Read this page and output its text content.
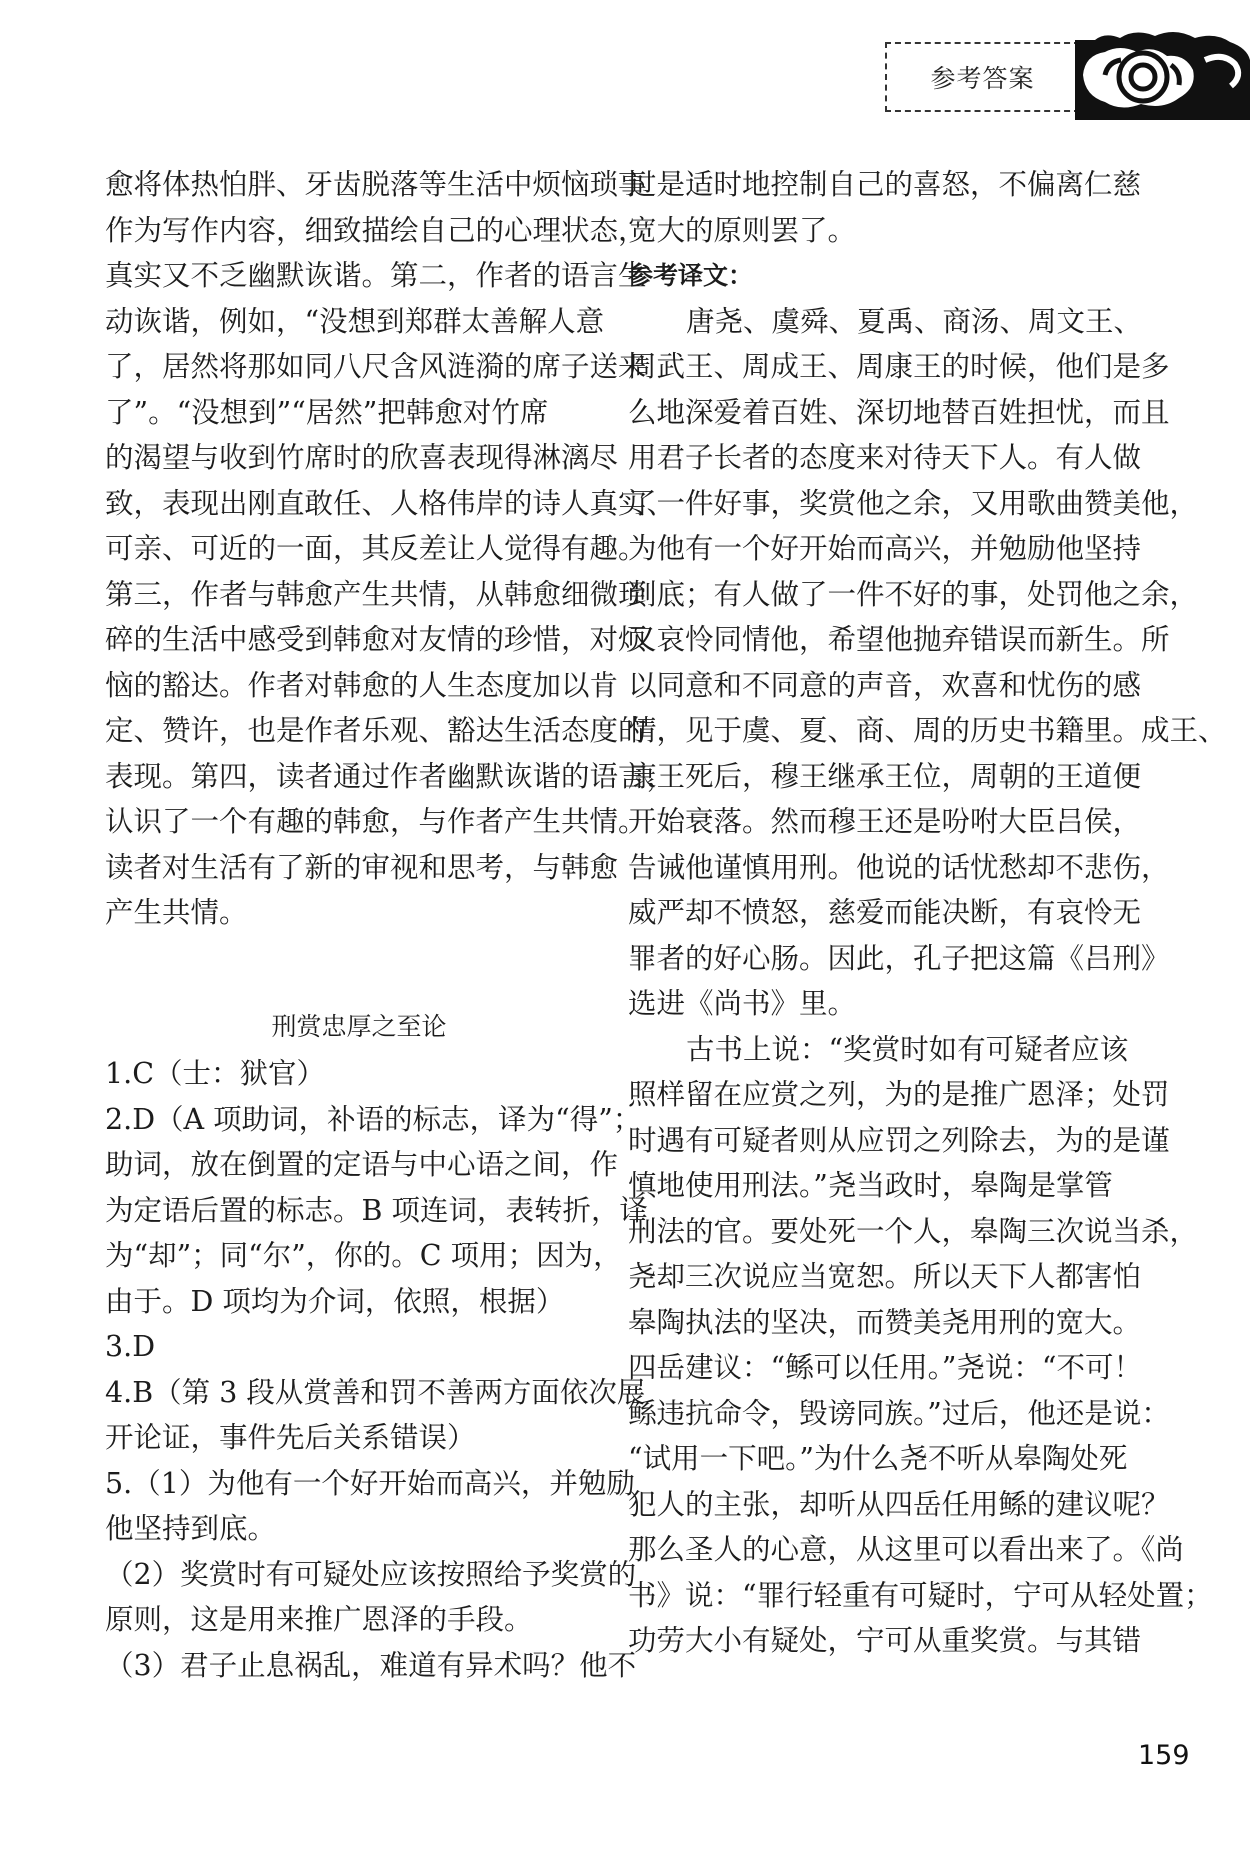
参考答案
愈将体热怕胖、牙齿脱落等生活中烦恼琐事
作为写作内容，细致描绘自己的心理状态，
真实又不乏幽默诙谐。第二，作者的语言生
动诙谐，例如，“没想到郑群太善解人意
了，居然将那如同八尺含风涟漪的席子送来
了”。“没想到”“居然”把韩愈对竹席
的渴望与收到竹席时的欣喜表现得淋漓尽
致，表现出刚直敢任、人格伟岸的诗人真实、
可亲、可近的一面，其反差让人觉得有趣。
第三，作者与韩愈产生共情，从韩愈细微琐
碎的生活中感受到韩愈对友情的珍惜，对烦
恼的豁达。作者对韩愈的人生态度加以肯
定、赞许，也是作者乐观、豁达生活态度的
表现。第四，读者通过作者幽默诙谐的语言，
认识了一个有趣的韩愈，与作者产生共情。
读者对生活有了新的审视和思考，与韩愈
产生共情。
刑赏忠厚之至论
1.C（士：狱官）
2.D（A 项助词，补语的标志，译为“得”；
助词，放在倒置的定语与中心语之间，作
为定语后置的标志。B 项连词，表转折，译
为“却”；同“尔”，你的。C 项用；因为，
由于。D 项均为介词，依照，根据）
3.D
4.B（第 3 段从赏善和罚不善两方面依次展
开论证，事件先后关系错误）
5.（1）为他有一个好开始而高兴，并勉励
他坚持到底。
（2）奖赏时有可疑处应该按照给予奖赏的
原则，这是用来推广恩泽的手段。
（3）君子止息祸乱，难道有异术吗？他不
过是适时地控制自己的喜怒，不偏离仁慈
宽大的原则罢了。
参考译文：
唐尧、虞舜、夏禹、商汤、周文王、
周武王、周成王、周康王的时候，他们是多
么地深爱着百姓、深切地替百姓担忧，而且
用君子长者的态度来对待天下人。有人做
了一件好事，奖赏他之余，又用歌曲赞美他，
为他有一个好开始而高兴，并勉励他坚持
到底；有人做了一件不好的事，处罚他之余，
又哀怜同情他，希望他抛弃错误而新生。所
以同意和不同意的声音，欢喜和忧伤的感
情，见于虞、夏、商、周的历史书籍里。成王、
康王死后，穆王继承王位，周朝的王道便
开始衰落。然而穆王还是吩咐大臣吕侯，
告诫他谨慎用刑。他说的话忧愁却不悲伤，
威严却不愤怒，慈爱而能决断，有哀怜无
罪者的好心肠。因此，孔子把这篇《吕刑》
选进《尚书》里。
古书上说：“奖赏时如有可疑者应该
照样留在应赏之列，为的是推广恩泽；处罚
时遇有可疑者则从应罚之列除去，为的是谨
慎地使用刑法。”尧当政时，皋陶是掌管
刑法的官。要处死一个人，皋陶三次说当杀，
尧却三次说应当宽恕。所以天下人都害怕
皋陶执法的坚决，而赞美尧用刑的宽大。
四岳建议：“鲧可以任用。”尧说：“不可！
鲧违抗命令，毁谤同族。”过后，他还是说：
“试用一下吧。”为什么尧不听从皋陶处死
犯人的主张，却听从四岳任用鲧的建议呢？
那么圣人的心意，从这里可以看出来了。《尚
书》说：“罪行轻重有可疑时，宁可从轻处置；
功劳大小有疑处，宁可从重奖赏。与其错
159
